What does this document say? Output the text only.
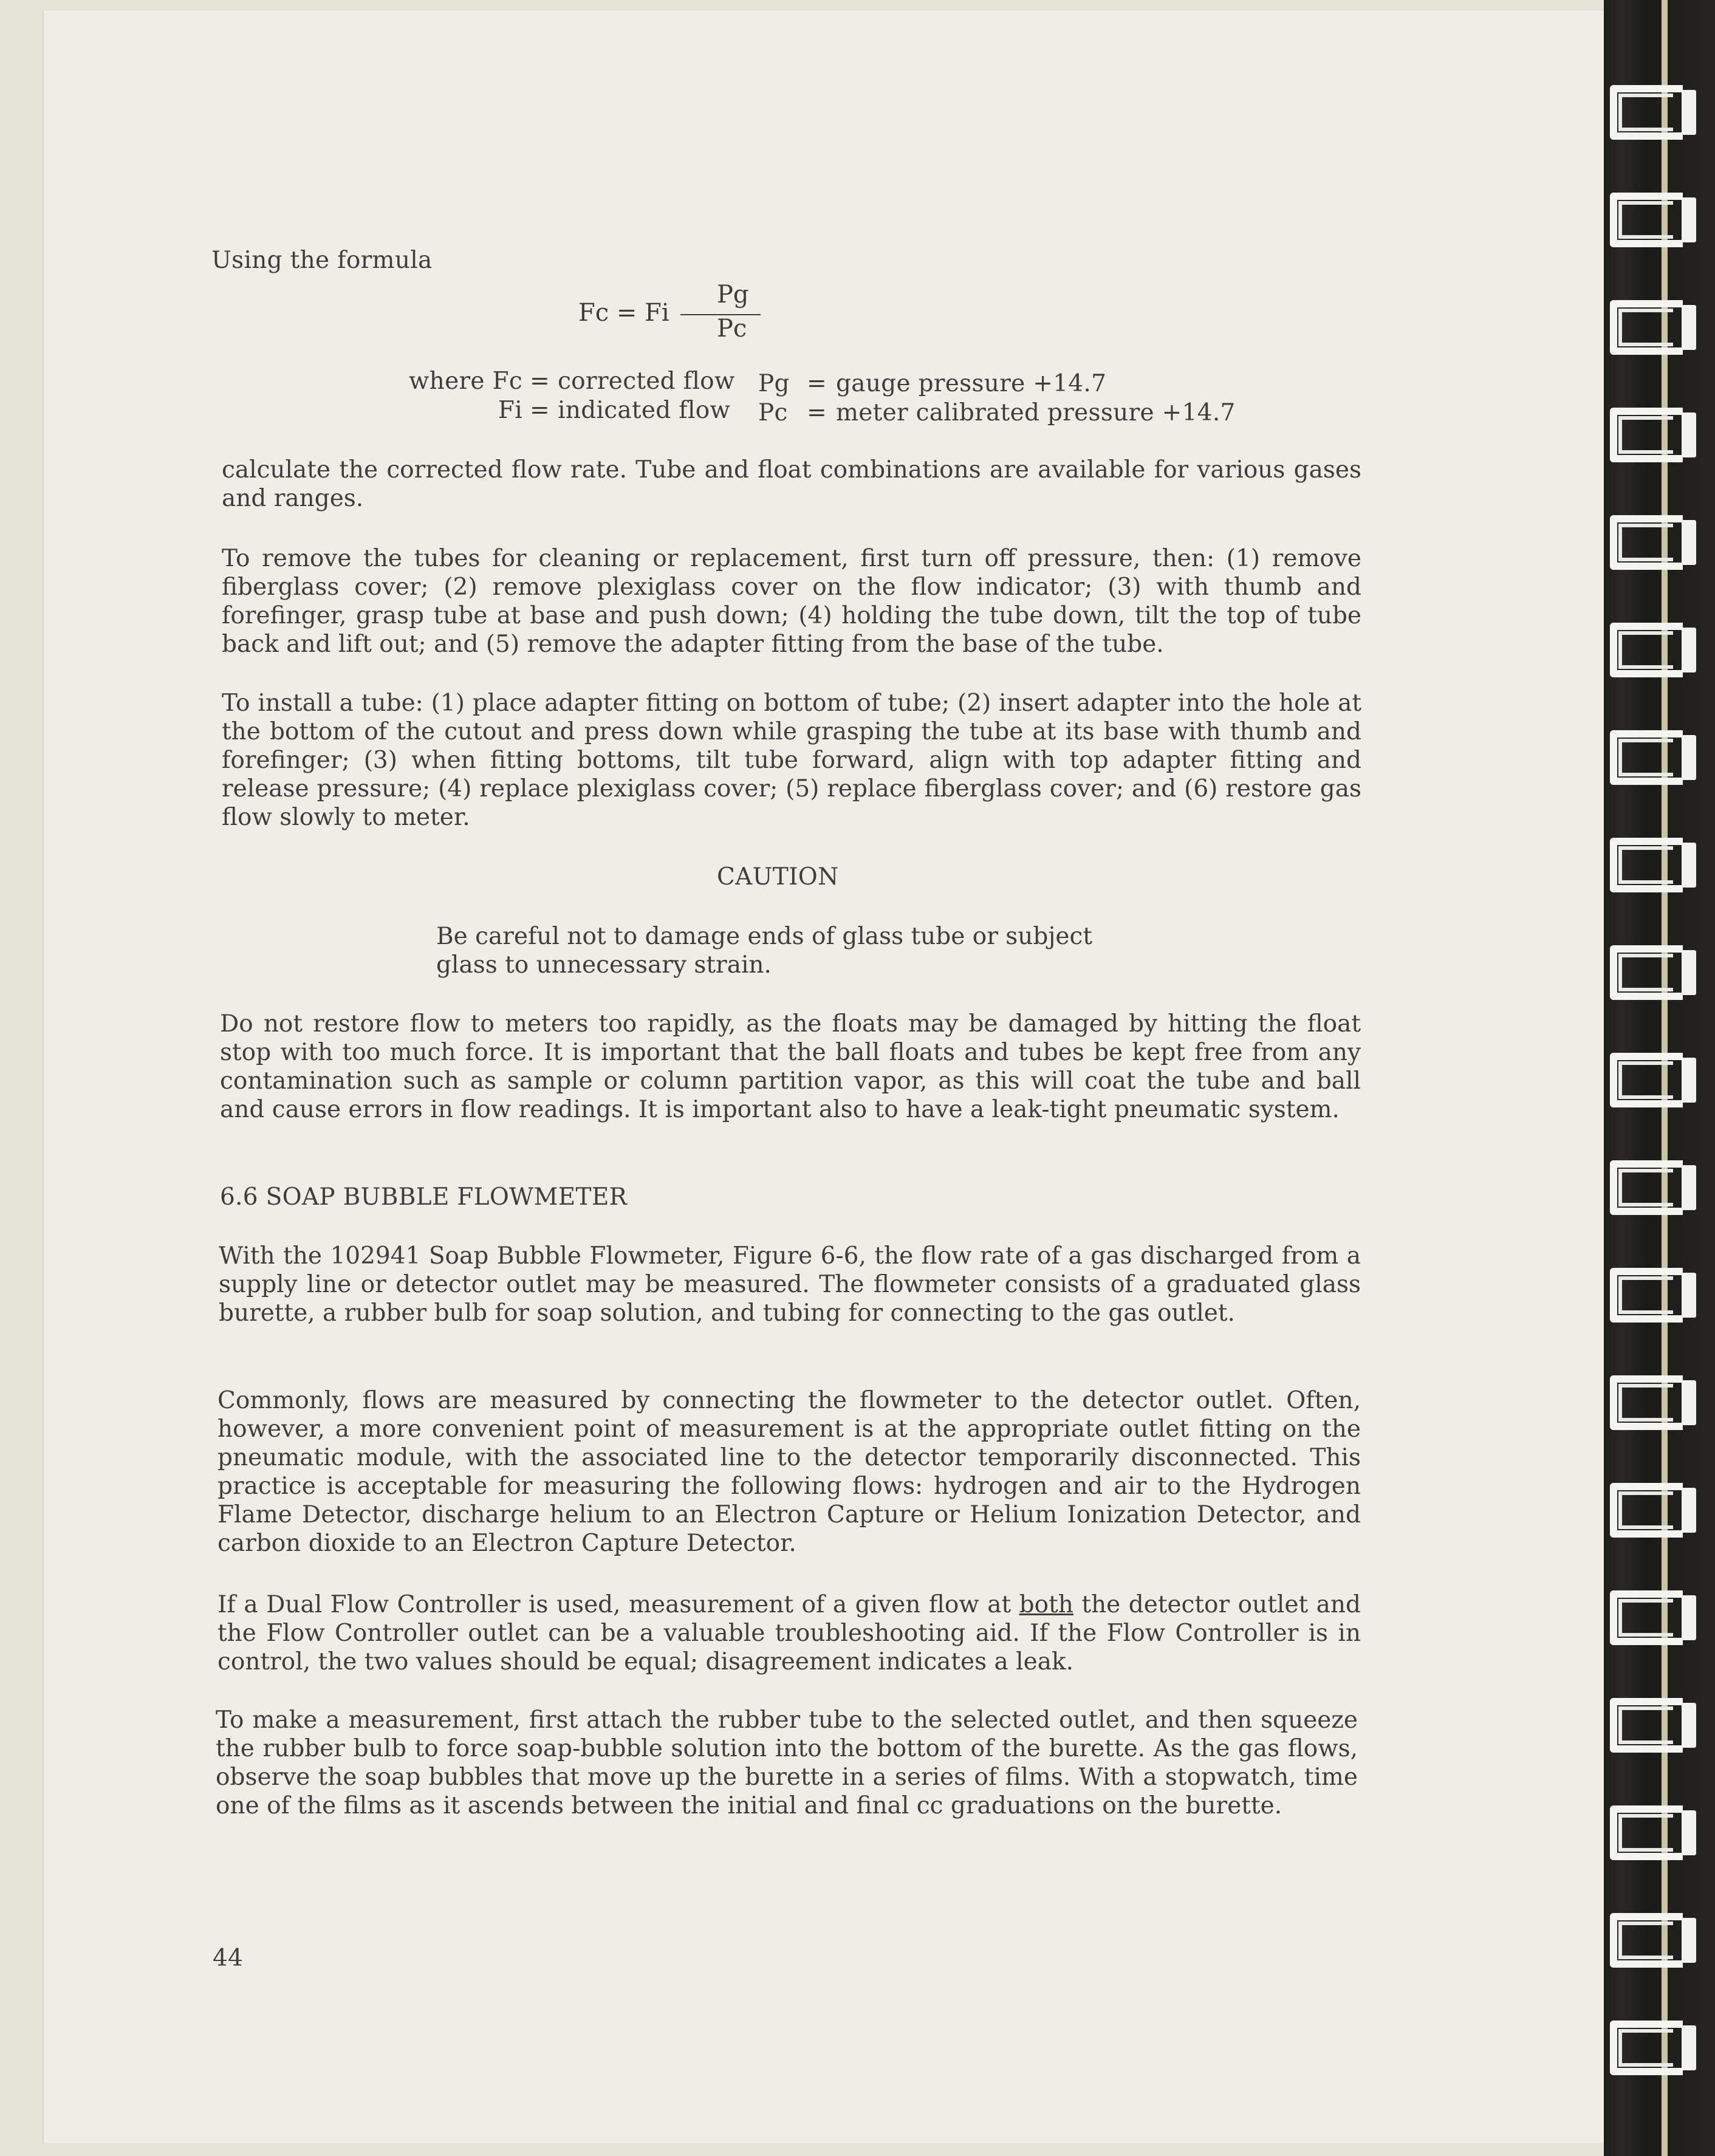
Using the formula
Fc = Fi
Pg
Pc
where Fc
Fi
=
=
corrected flow
indicated flow
Pg
Pc
=
=
gauge pressure +14.7
meter calibrated pressure +14.7

calculate the corrected flow rate. Tube and float combinations are available for various gases and ranges.

To remove the tubes for cleaning or replacement, first turn off pressure, then: (1) remove fiberglass cover; (2) remove plexiglass cover on the flow indicator; (3) with thumb and forefinger, grasp tube at base and push down; (4) holding the tube down, tilt the top of tube back and lift out; and (5) remove the adapter fitting from the base of the tube.

To install a tube: (1) place adapter fitting on bottom of tube; (2) insert adapter into the hole at the bottom of the cutout and press down while grasping the tube at its base with thumb and forefinger; (3) when fitting bottoms, tilt tube forward, align with top adapter fitting and release pressure; (4) replace plexiglass cover; (5) replace fiberglass cover; and (6) restore gas flow slowly to meter.

CAUTION

Be careful not to damage ends of glass tube or subject glass to unnecessary strain.

Do not restore flow to meters too rapidly, as the floats may be damaged by hitting the float stop with too much force. It is important that the ball floats and tubes be kept free from any contamination such as sample or column partition vapor, as this will coat the tube and ball and cause errors in flow readings. It is important also to have a leak-tight pneumatic system.

6.6 SOAP BUBBLE FLOWMETER

With the 102941 Soap Bubble Flowmeter, Figure 6-6, the flow rate of a gas discharged from a supply line or detector outlet may be measured. The flowmeter consists of a graduated glass burette, a rubber bulb for soap solution, and tubing for connecting to the gas outlet.

Commonly, flows are measured by connecting the flowmeter to the detector outlet. Often, however, a more convenient point of measurement is at the appropriate outlet fitting on the pneumatic module, with the associated line to the detector temporarily disconnected. This practice is acceptable for measuring the following flows: hydrogen and air to the Hydrogen Flame Detector, discharge helium to an Electron Capture or Helium Ionization Detector, and carbon dioxide to an Electron Capture Detector.

If a Dual Flow Controller is used, measurement of a given flow at both the detector outlet and the Flow Controller outlet can be a valuable troubleshooting aid. If the Flow Controller is in control, the two values should be equal; disagreement indicates a leak.

To make a measurement, first attach the rubber tube to the selected outlet, and then squeeze the rubber bulb to force soap-bubble solution into the bottom of the burette. As the gas flows, observe the soap bubbles that move up the burette in a series of films. With a stopwatch, time one of the films as it ascends between the initial and final cc graduations on the burette.

44
